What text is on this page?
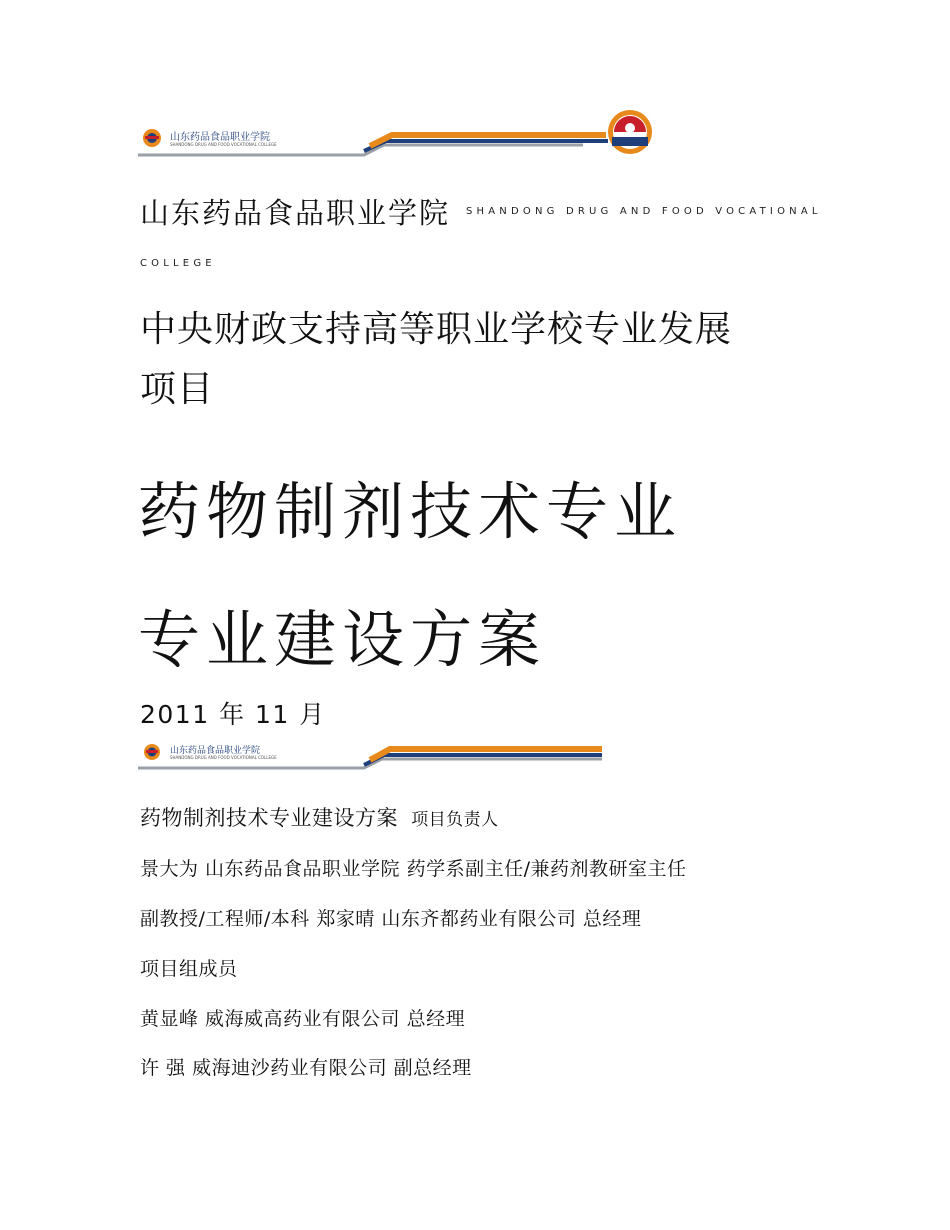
山东药品食品职业学院
SHANDONG DRUG AND FOOD VOCATIONAL COLLEGE
山东药品食品职业学院 SHANDONG DRUG AND FOOD VOCATIONAL
COLLEGE
中央财政支持高等职业学校专业发展
项目
药物制剂技术专业
专业建设方案
2011 年 11 月
山东药品食品职业学院
SHANDONG DRUG AND FOOD VOCATIONAL COLLEGE
药物制剂技术专业建设方案 项目负责人
景大为 山东药品食品职业学院 药学系副主任/兼药剂教研室主任
副教授/工程师/本科 郑家晴 山东齐都药业有限公司 总经理
项目组成员
黄显峰 威海威高药业有限公司 总经理
许 强 威海迪沙药业有限公司 副总经理
